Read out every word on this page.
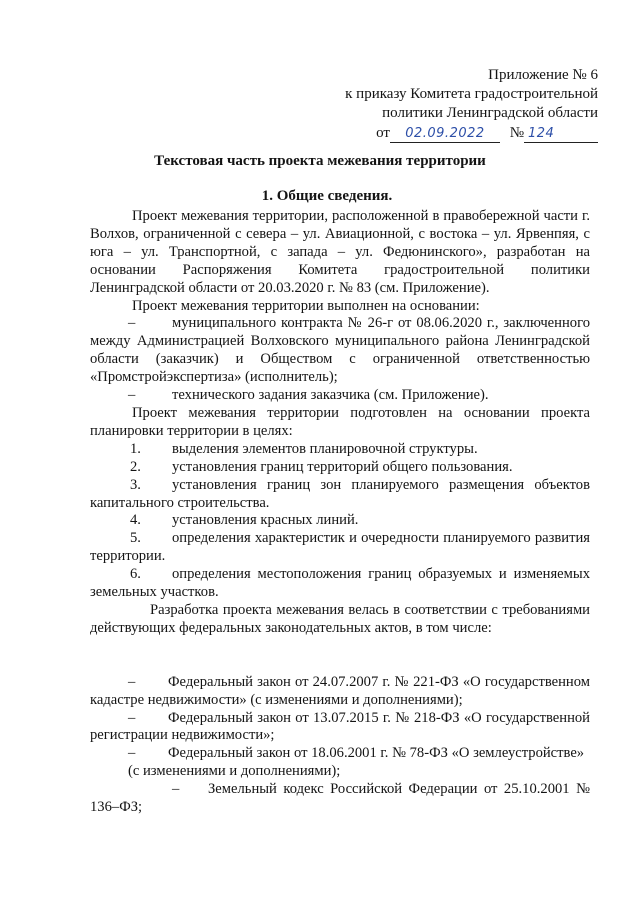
Приложение № 6
к приказу Комитета градостроительной
политики Ленинградской области
от 02.09.2022 № 124
Текстовая часть проекта межевания территории
1. Общие сведения.

Проект межевания территории, расположенной в правобережной части г. Волхов, ограниченной с севера – ул. Авиационной, с востока – ул. Ярвенпяя, с юга – ул. Транспортной, с запада – ул. Федюнинского», разработан на основании Распоряжения Комитета градостроительной политики Ленинградской области от 20.03.2020 г. № 83 (см. Приложение).

Проект межевания территории выполнен на основании:

–	муниципального контракта № 26-г от 08.06.2020 г., заключенного между Администрацией Волховского муниципального района Ленинградской области (заказчик) и Обществом с ограниченной ответственностью «Промстройэкспертиза» (исполнитель);

–	технического задания заказчика (см. Приложение).

Проект межевания территории подготовлен на основании проекта планировки территории в целях:

1. выделения элементов планировочной структуры.

2. установления границ территорий общего пользования.

3. установления границ зон планируемого размещения объектов капитального строительства.

4. установления красных линий.

5. определения характеристик и очередности планируемого развития территории.

6. определения местоположения границ образуемых и изменяемых земельных участков.

Разработка проекта межевания велась в соответствии с требованиями действующих федеральных законодательных актов, в том числе:

– Федеральный закон от 24.07.2007 г. № 221-ФЗ «О государственном кадастре недвижимости» (с изменениями и дополнениями);

– Федеральный закон от 13.07.2015 г. № 218-ФЗ «О государственной регистрации недвижимости»;

– Федеральный закон от 18.06.2001 г. № 78-ФЗ «О землеустройстве»

(с изменениями и дополнениями);

– Земельный кодекс Российской Федерации от 25.10.2001 № 136–ФЗ;
